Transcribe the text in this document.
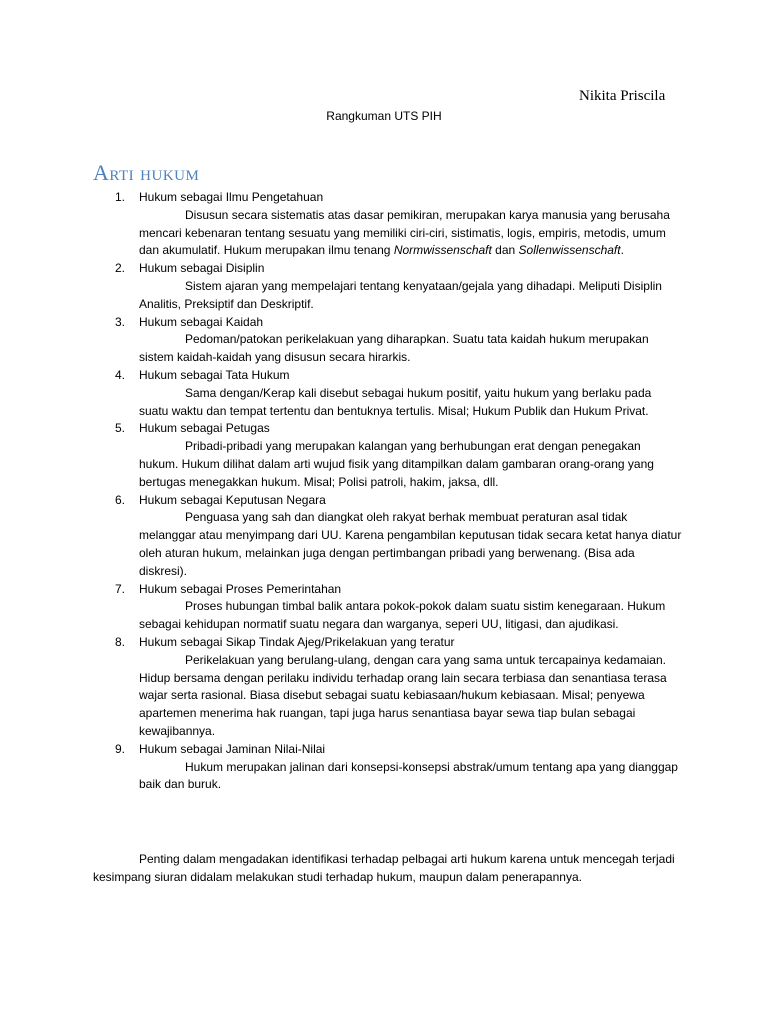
Nikita Priscila
Rangkuman UTS PIH
Arti hukum
1. Hukum sebagai Ilmu Pengetahuan
Disusun secara sistematis atas dasar pemikiran, merupakan karya manusia yang berusaha mencari kebenaran tentang sesuatu yang memiliki ciri-ciri, sistimatis, logis, empiris, metodis, umum dan akumulatif. Hukum merupakan ilmu tenang Normwissenschaft dan Sollenwissenschaft.
2. Hukum sebagai Disiplin
Sistem ajaran yang mempelajari tentang kenyataan/gejala yang dihadapi. Meliputi Disiplin Analitis, Preksiptif dan Deskriptif.
3. Hukum sebagai Kaidah
Pedoman/patokan perikelakuan yang diharapkan. Suatu tata kaidah hukum merupakan sistem kaidah-kaidah yang disusun secara hirarkis.
4. Hukum sebagai Tata Hukum
Sama dengan/Kerap kali disebut sebagai hukum positif, yaitu hukum yang berlaku pada suatu waktu dan tempat tertentu dan bentuknya tertulis. Misal; Hukum Publik dan Hukum Privat.
5. Hukum sebagai Petugas
Pribadi-pribadi yang merupakan kalangan yang berhubungan erat dengan penegakan hukum. Hukum dilihat dalam arti wujud fisik yang ditampilkan dalam gambaran orang-orang yang bertugas menegakkan hukum. Misal; Polisi patroli, hakim, jaksa, dll.
6. Hukum sebagai Keputusan Negara
Penguasa yang sah dan diangkat oleh rakyat berhak membuat peraturan asal tidak melanggar atau menyimpang dari UU. Karena pengambilan keputusan tidak secara ketat hanya diatur oleh aturan hukum, melainkan juga dengan pertimbangan pribadi yang berwenang. (Bisa ada diskresi).
7. Hukum sebagai Proses Pemerintahan
Proses hubungan timbal balik antara pokok-pokok dalam suatu sistim kenegaraan. Hukum sebagai kehidupan normatif suatu negara dan warganya, seperi UU, litigasi, dan ajudikasi.
8. Hukum sebagai Sikap Tindak Ajeg/Prikelakuan yang teratur
Perikelakuan yang berulang-ulang, dengan cara yang sama untuk tercapainya kedamaian. Hidup bersama dengan perilaku individu terhadap orang lain secara terbiasa dan senantiasa terasa wajar serta rasional. Biasa disebut sebagai suatu kebiasaan/hukum kebiasaan. Misal; penyewa apartemen menerima hak ruangan, tapi juga harus senantiasa bayar sewa tiap bulan sebagai kewajibannya.
9. Hukum sebagai Jaminan Nilai-Nilai
Hukum merupakan jalinan dari konsepsi-konsepsi abstrak/umum tentang apa yang dianggap baik dan buruk.

Penting dalam mengadakan identifikasi terhadap pelbagai arti hukum karena untuk mencegah terjadi kesimpang siuran didalam melakukan studi terhadap hukum, maupun dalam penerapannya.
